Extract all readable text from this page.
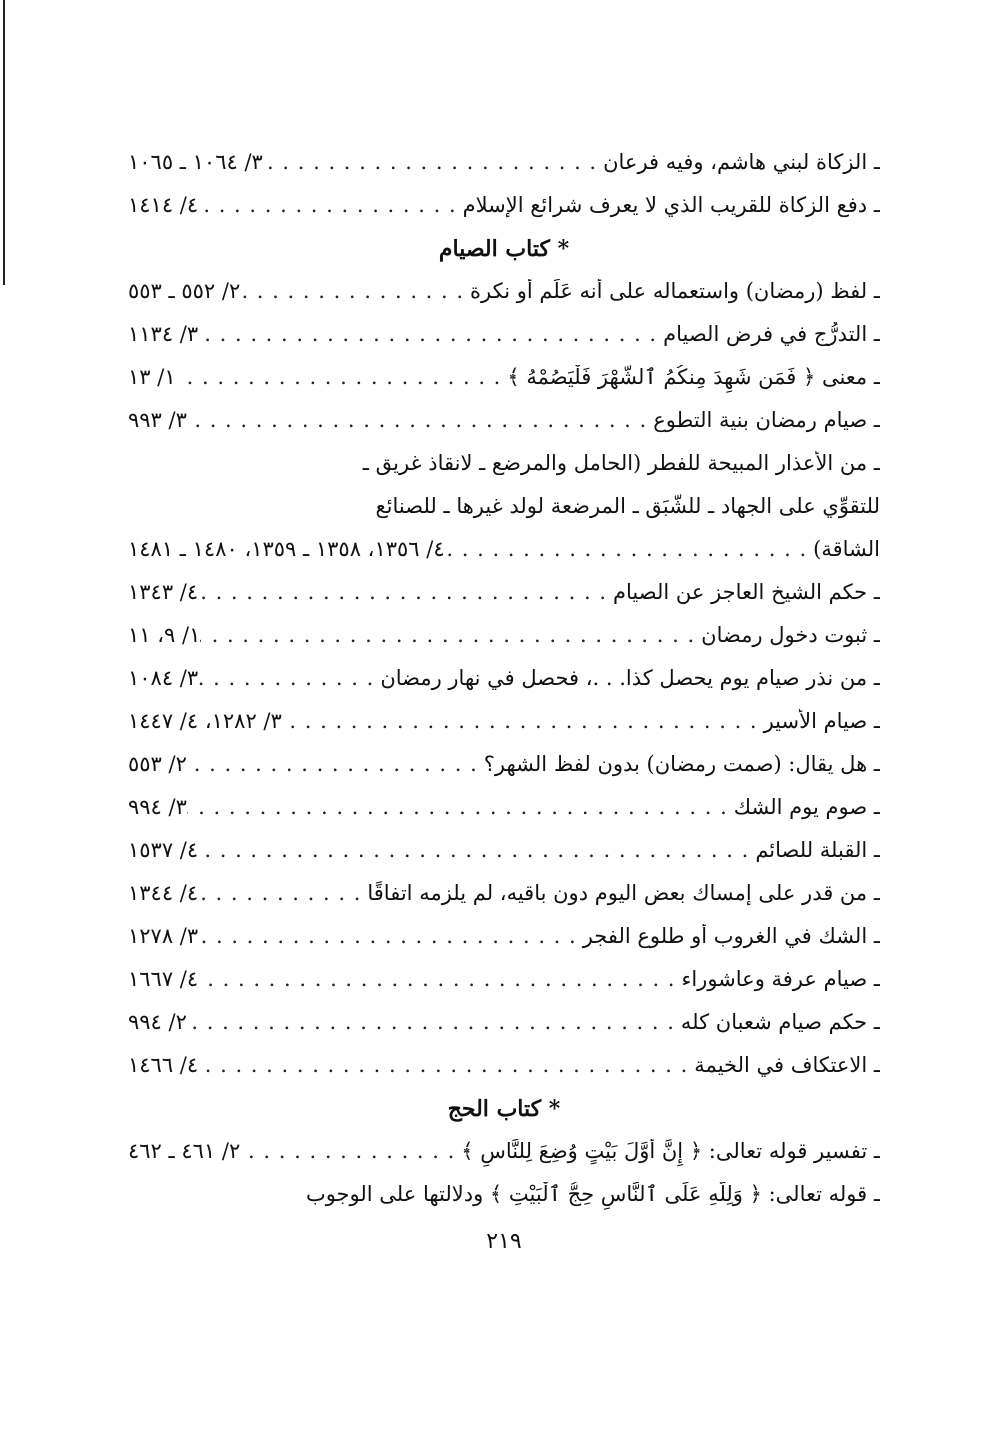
ـ الزكاة لبني هاشم، وفيه فرعان
. . .
٣/ ١٠٦٤ ـ ١٠٦٥
ـ دفع الزكاة للقريب الذي لا يعرف شرائع الإسلام
. . .
٤/ ١٤١٤
* كتاب الصيام
ـ لفظ (رمضان) واستعماله على أنه عَلَم أو نكرة
. . .
٢/ ٥٥٢ ـ ٥٥٣
ـ التدرُّج في فرض الصيام
. . .
٣/ ١١٣٤
ـ معنى ﴿ فَمَن شَهِدَ مِنكُمُ ٱلشَّهْرَ فَلْيَصُمْهُ ﴾
. . .
١/ ١٣
ـ صيام رمضان بنية التطوع
. . .
٣/ ٩٩٣
ـ من الأعذار المبيحة للفطر (الحامل والمرضع ـ لانقاذ غريق ـ
للتقوِّي على الجهاد ـ للشَّبَق ـ المرضعة لولد غيرها ـ للصنائع
الشاقة)
. . .
٤/ ١٣٥٦، ١٣٥٨ ـ ١٣٥٩، ١٤٨٠ ـ ١٤٨١
ـ حكم الشيخ العاجز عن الصيام
. . .
٤/ ١٣٤٣
ـ ثبوت دخول رمضان
. . .
١/ ٩، ١١
ـ من نذر صيام يوم يحصل كذا. . .، فحصل في نهار رمضان
. . .
٣/ ١٠٨٤
ـ صيام الأسير
. . .
٣/ ١٢٨٢، ٤/ ١٤٤٧
ـ هل يقال: (صمت رمضان) بدون لفظ الشهر؟
. . .
٢/ ٥٥٣
ـ صوم يوم الشك
. . .
٣/ ٩٩٤
ـ القبلة للصائم
. . .
٤/ ١٥٣٧
ـ من قدر على إمساك بعض اليوم دون باقيه، لم يلزمه اتفاقًا
. . .
٤/ ١٣٤٤
ـ الشك في الغروب أو طلوع الفجر
. . .
٣/ ١٢٧٨
ـ صيام عرفة وعاشوراء
. . .
٤/ ١٦٦٧
ـ حكم صيام شعبان كله
. . .
٢/ ٩٩٤
ـ الاعتكاف في الخيمة
. . .
٤/ ١٤٦٦
* كتاب الحج
ـ تفسير قوله تعالى: ﴿ إِنَّ أَوَّلَ بَيْتٍ وُضِعَ لِلنَّاسِ ﴾
. . .
٢/ ٤٦١ ـ ٤٦٢
ـ قوله تعالى: ﴿ وَلِلَّهِ عَلَى ٱلنَّاسِ حِجُّ ٱلْبَيْتِ ﴾ ودلالتها على الوجوب
٢١٩
